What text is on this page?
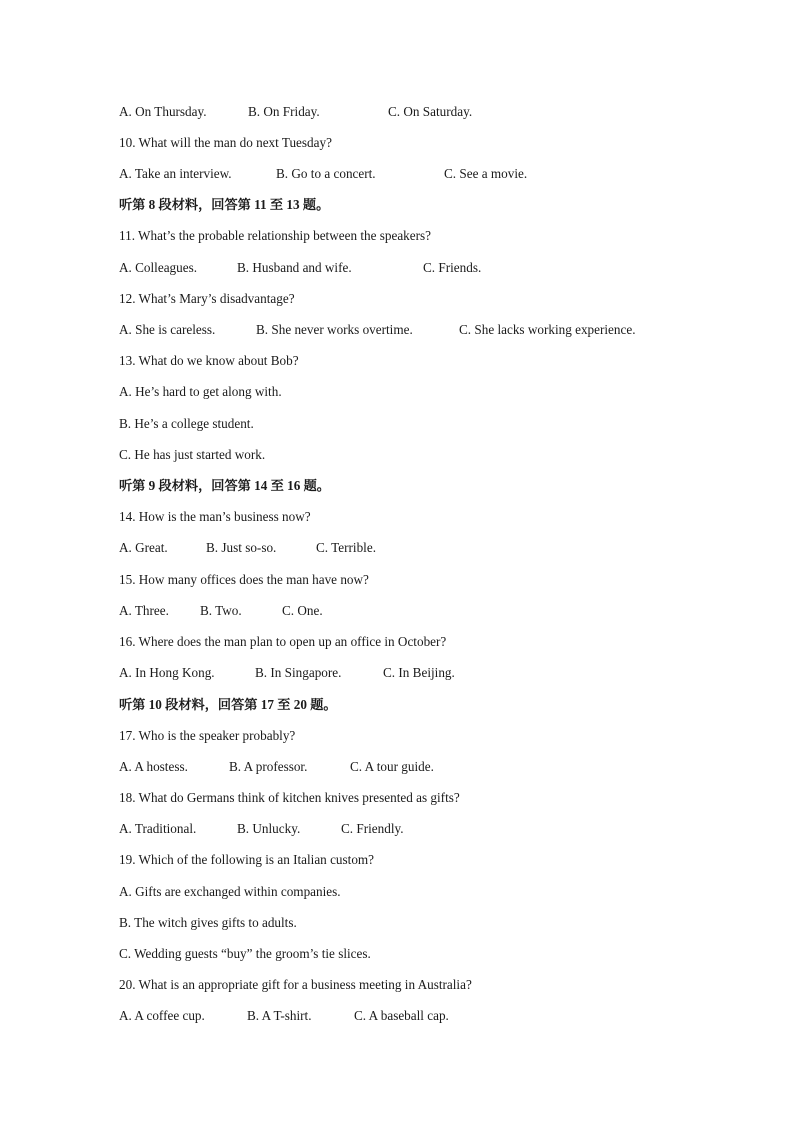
A. On Thursday.	B. On Friday.	C. On Saturday.
10. What will the man do next Tuesday?
A. Take an interview.	B. Go to a concert.	C. See a movie.
听第 8 段材料，回答第 11 至 13 题。
11. What’s the probable relationship between the speakers?
A. Colleagues.	B. Husband and wife.	C. Friends.
12. What’s Mary’s disadvantage?
A. She is careless.	B. She never works overtime.	C. She lacks working experience.
13. What do we know about Bob?
A. He’s hard to get along with.
B. He’s a college student.
C. He has just started work.
听第 9 段材料，回答第 14 至 16 题。
14. How is the man’s business now?
A. Great.	B. Just so-so.	C. Terrible.
15. How many offices does the man have now?
A. Three. B. Two.	C. One.
16. Where does the man plan to open up an office in October?
A. In Hong Kong.	B. In Singapore.	C. In Beijing.
听第 10 段材料，回答第 17 至 20 题。
17. Who is the speaker probably?
A. A hostess.	B. A professor.	C. A tour guide.
18. What do Germans think of kitchen knives presented as gifts?
A. Traditional.	B. Unlucky.	C. Friendly.
19. Which of the following is an Italian custom?
A. Gifts are exchanged within companies.
B. The witch gives gifts to adults.
C. Wedding guests “buy” the groom’s tie slices.
20. What is an appropriate gift for a business meeting in Australia?
A. A coffee cup.	B. A T-shirt.	C. A baseball cap.
